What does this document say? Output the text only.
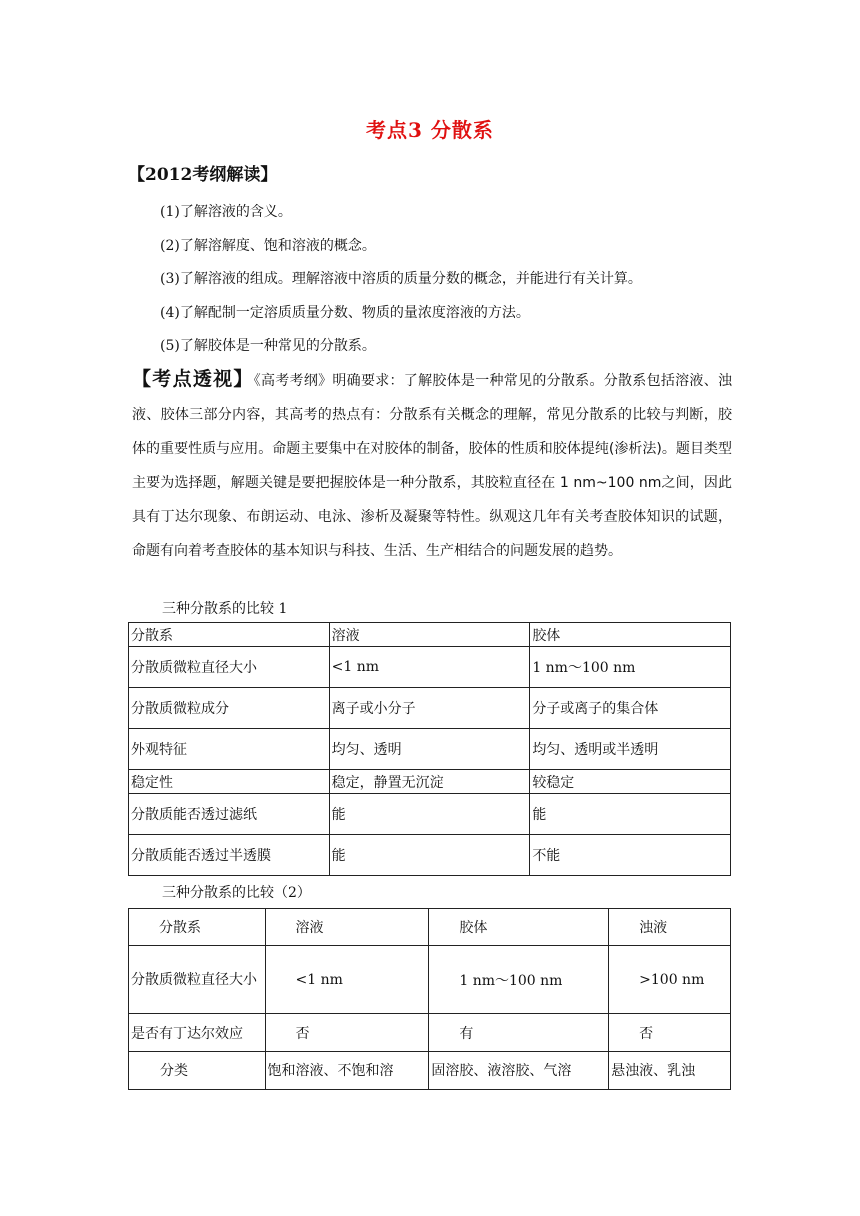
考点3 分散系
【2012考纲解读】
(1)了解溶液的含义。
(2)了解溶解度、饱和溶液的概念。
(3)了解溶液的组成。理解溶液中溶质的质量分数的概念，并能进行有关计算。
(4)了解配制一定溶质质量分数、物质的量浓度溶液的方法。
(5)了解胶体是一种常见的分散系。
【考点透视】《高考考纲》明确要求：了解胶体是一种常见的分散系。分散系包括溶液、浊液、胶体三部分内容，其高考的热点有：分散系有关概念的理解，常见分散系的比较与判断，胶体的重要性质与应用。命题主要集中在对胶体的制备，胶体的性质和胶体提纯(渗析法)。题目类型主要为选择题，解题关键是要把握胶体是一种分散系，其胶粒直径在 1 nm~100 nm之间，因此具有丁达尔现象、布朗运动、电泳、渗析及凝聚等特性。纵观这几年有关考查胶体知识的试题，命题有向着考查胶体的基本知识与科技、生活、生产相结合的问题发展的趋势。
三种分散系的比较 1
分散系	溶液	胶体
分散质微粒直径大小	<1 nm	1 nm～100 nm
分散质微粒成分	离子或小分子	分子或离子的集合体
外观特征	均匀、透明	均匀、透明或半透明
稳定性	稳定，静置无沉淀	较稳定
分散质能否透过滤纸	能	能
分散质能否透过半透膜	能	不能
三种分散系的比较（2）
分散系	溶液	胶体	浊液
分散质微粒直径大小	<1 nm	1 nm～100 nm	>100 nm
是否有丁达尔效应	否	有	否
分类	饱和溶液、不饱和溶	固溶胶、液溶胶、气溶	悬浊液、乳浊
